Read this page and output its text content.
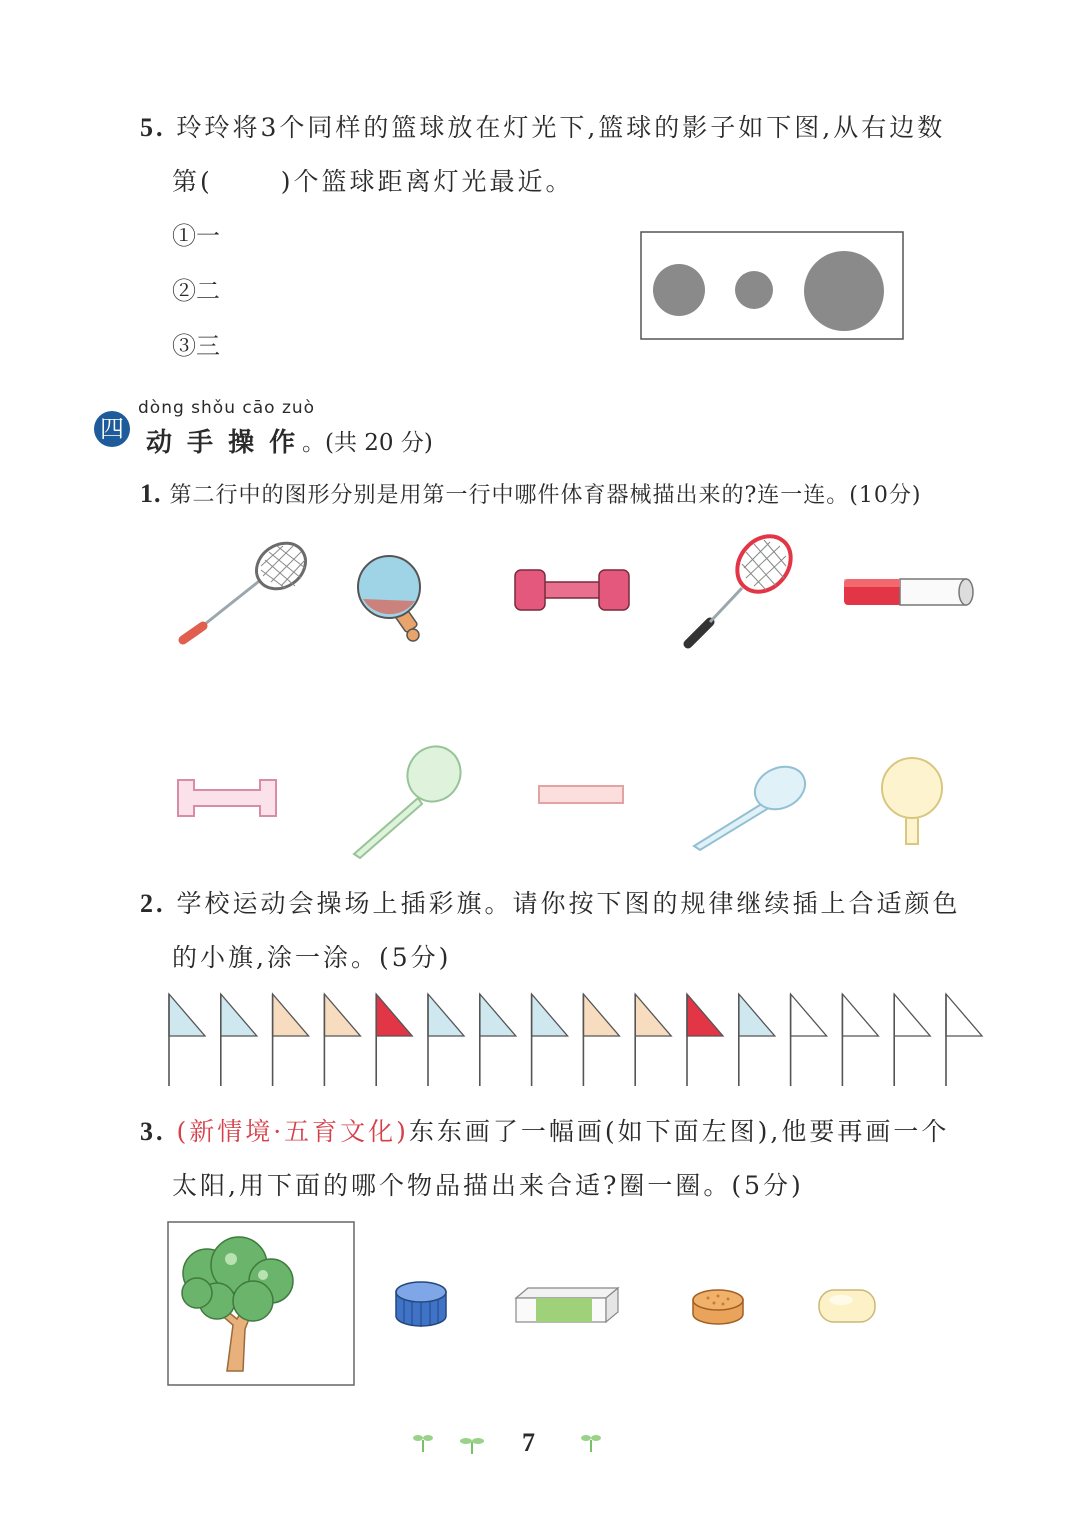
5. 玲玲将3个同样的篮球放在灯光下,篮球的影子如下图,从右边数
第(	)个篮球距离灯光最近。
①一
②二
③三
四
dòng shǒu cāo zuò
动 手 操 作 。(共 20 分)
1. 第二行中的图形分别是用第一行中哪件体育器械描出来的?连一连。(10分)
2. 学校运动会操场上插彩旗。请你按下图的规律继续插上合适颜色
的小旗,涂一涂。(5分)
3. (新情境·五育文化)东东画了一幅画(如下面左图),他要再画一个
太阳,用下面的哪个物品描出来合适?圈一圈。(5分)
7
